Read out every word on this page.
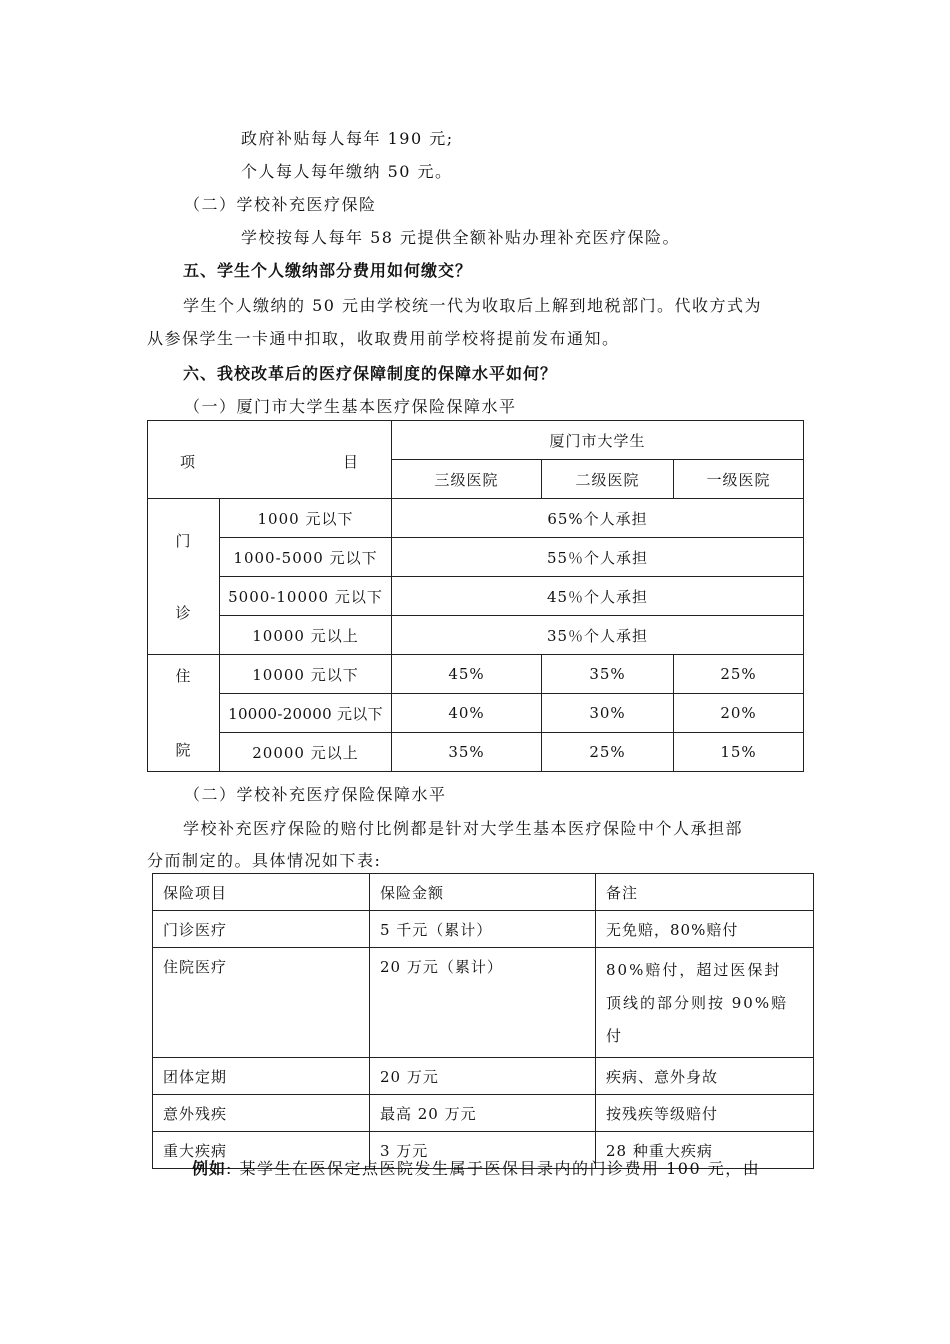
政府补贴每人每年 190 元;
个人每人每年缴纳 50 元。
（二）学校补充医疗保险
学校按每人每年 58 元提供全额补贴办理补充医疗保险。
五、学生个人缴纳部分费用如何缴交？
学生个人缴纳的 50 元由学校统一代为收取后上解到地税部门。代收方式为
从参保学生一卡通中扣取，收取费用前学校将提前发布通知。
六、我校改革后的医疗保障制度的保障水平如何？
（一）厦门市大学生基本医疗保险保障水平
项 目		厦门市大学生		
		三级医院	二级医院	一级医院

门
诊	1000 元以下	65%个人承担		
	1000-5000 元以下	55％个人承担		
	5000-10000 元以下	45％个人承担		
	10000 元以上	35％个人承担		

住
院	10000 元以下	45%	35%	25%
	10000-20000 元以下	40%	30%	20%
	20000 元以上	35%	25%	15%
（二）学校补充医疗保险保障水平
学校补充医疗保险的赔付比例都是针对大学生基本医疗保险中个人承担部
分而制定的。具体情况如下表:
保险项目	保险金额	备注
门诊医疗	5 千元（累计）	无免赔，80%赔付
住院医疗	20 万元（累计）	80%赔付，超过医保封
顶线的部分则按 90%赔
付

团体定期	20 万元	疾病、意外身故
意外残疾	最高 20 万元	按残疾等级赔付
重大疾病	3 万元	28 种重大疾病
例如: 某学生在医保定点医院发生属于医保目录内的门诊费用 100 元，由
